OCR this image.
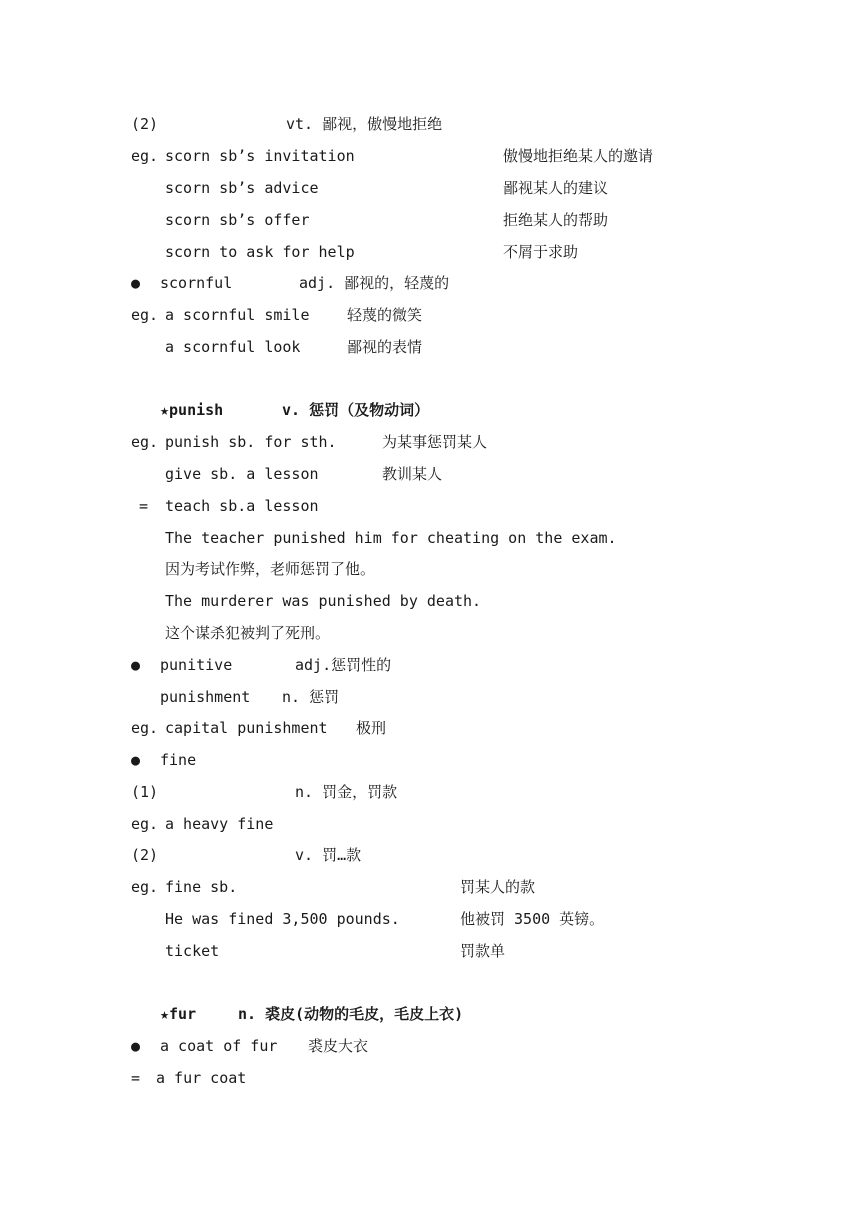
(2)	vt. 鄙视，傲慢地拒绝
eg. scorn sb’s invitation	傲慢地拒绝某人的邀请
scorn sb’s advice	鄙视某人的建议
scorn sb’s offer	拒绝某人的帮助
scorn to ask for help	不屑于求助
● scornful	adj. 鄙视的，轻蔑的
eg. a scornful smile	轻蔑的微笑
a scornful look	鄙视的表情
★punish	v. 惩罚（及物动词）
eg. punish sb. for sth.	为某事惩罚某人
give sb. a lesson	教训某人
= teach sb.a lesson
The teacher punished him for cheating on the exam.
因为考试作弊，老师惩罚了他。
The murderer was punished by death.
这个谋杀犯被判了死刑。
● punitive	adj.惩罚性的
punishment n. 惩罚
eg. capital punishment 极刑
● fine
(1)	n. 罚金，罚款
eg. a heavy fine
(2)	v. 罚…款
eg. fine sb.	罚某人的款
He was fined 3,500 pounds.	他被罚 3500 英镑。
ticket	罚款单
★fur	n. 裘皮(动物的毛皮，毛皮上衣)
● a coat of fur 裘皮大衣
= a fur coat
